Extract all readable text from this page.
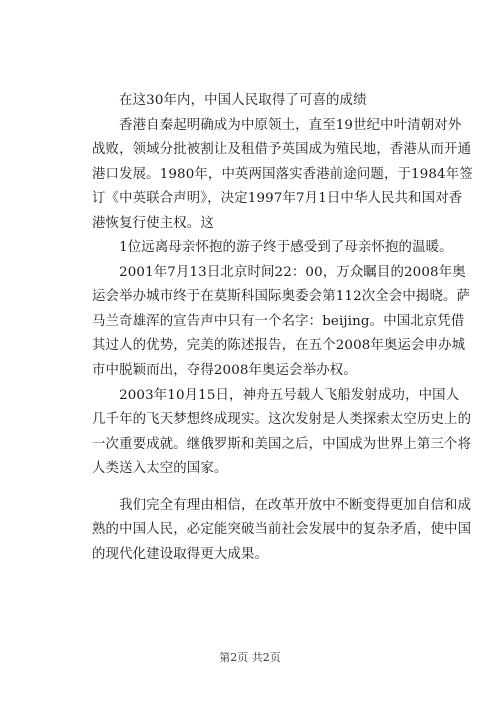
　　在这30年内，中国人民取得了可喜的成绩

　　香港自秦起明确成为中原领土，直至19世纪中叶清朝对外
战败，领域分批被割让及租借予英国成为殖民地，香港从而开通
港口发展。1980年，中英两国落实香港前途问题，于1984年签
订《中英联合声明》，决定1997年7月1日中华人民共和国对香
港恢复行使主权。这

　　1位远离母亲怀抱的游子终于感受到了母亲怀抱的温暖。

　　2001年7月13日北京时间22：00，万众瞩目的2008年奥
运会举办城市终于在莫斯科国际奥委会第112次全会中揭晓。萨
马兰奇雄浑的宣告声中只有一个名字：beijing。中国北京凭借
其过人的优势，完美的陈述报告，在五个2008年奥运会申办城
市中脱颖而出，夺得2008年奥运会举办权。

　　2003年10月15日，神舟五号载人飞船发射成功，中国人
几千年的飞天梦想终成现实。这次发射是人类探索太空历史上的
一次重要成就。继俄罗斯和美国之后，中国成为世界上第三个将
人类送入太空的国家。

　　我们完全有理由相信，在改革开放中不断变得更加自信和成
熟的中国人民，必定能突破当前社会发展中的复杂矛盾，使中国
的现代化建设取得更大成果。

第2页 共2页
